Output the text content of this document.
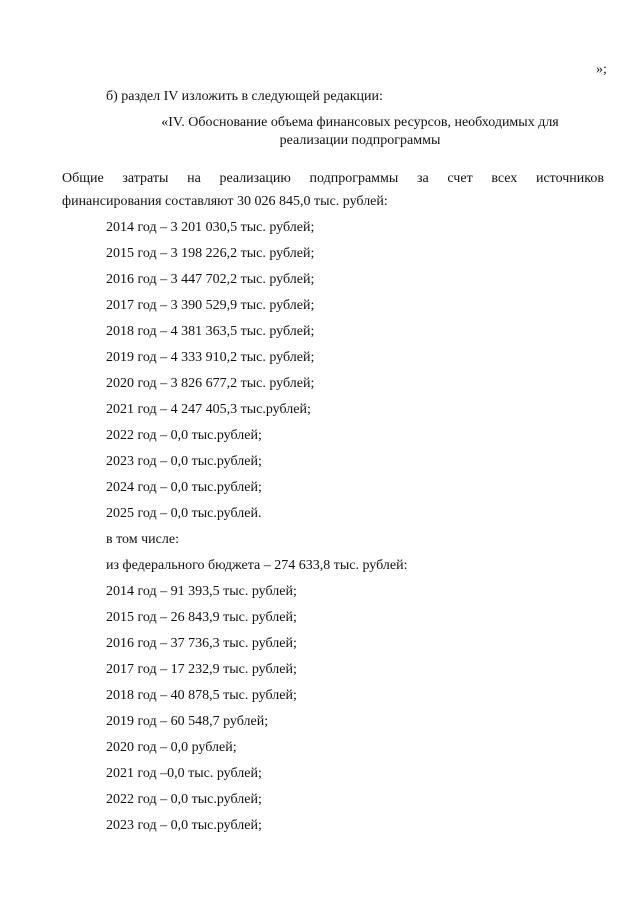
»;
б) раздел IV изложить в следующей редакции:
«IV. Обоснование объема финансовых ресурсов, необходимых для
реализации подпрограммы
Общие затраты на реализацию подпрограммы за счет всех источников
финансирования составляют 30 026 845,0 тыс. рублей:
2014 год – 3 201 030,5 тыс. рублей;
2015 год – 3 198 226,2 тыс. рублей;
2016 год – 3 447 702,2 тыс. рублей;
2017 год – 3 390 529,9 тыс. рублей;
2018 год – 4 381 363,5 тыс. рублей;
2019 год – 4 333 910,2 тыс. рублей;
2020 год – 3 826 677,2 тыс. рублей;
2021 год – 4 247 405,3 тыс.рублей;
2022 год – 0,0 тыс.рублей;
2023 год – 0,0 тыс.рублей;
2024 год – 0,0 тыс.рублей;
2025 год – 0,0 тыс.рублей.
в том числе:
из федерального бюджета – 274 633,8 тыс. рублей:
2014 год – 91 393,5 тыс. рублей;
2015 год – 26 843,9 тыс. рублей;
2016 год – 37 736,3 тыс. рублей;
2017 год – 17 232,9 тыс. рублей;
2018 год – 40 878,5 тыс. рублей;
2019 год – 60 548,7 рублей;
2020 год – 0,0 рублей;
2021 год –0,0 тыс. рублей;
2022 год – 0,0 тыс.рублей;
2023 год – 0,0 тыс.рублей;
